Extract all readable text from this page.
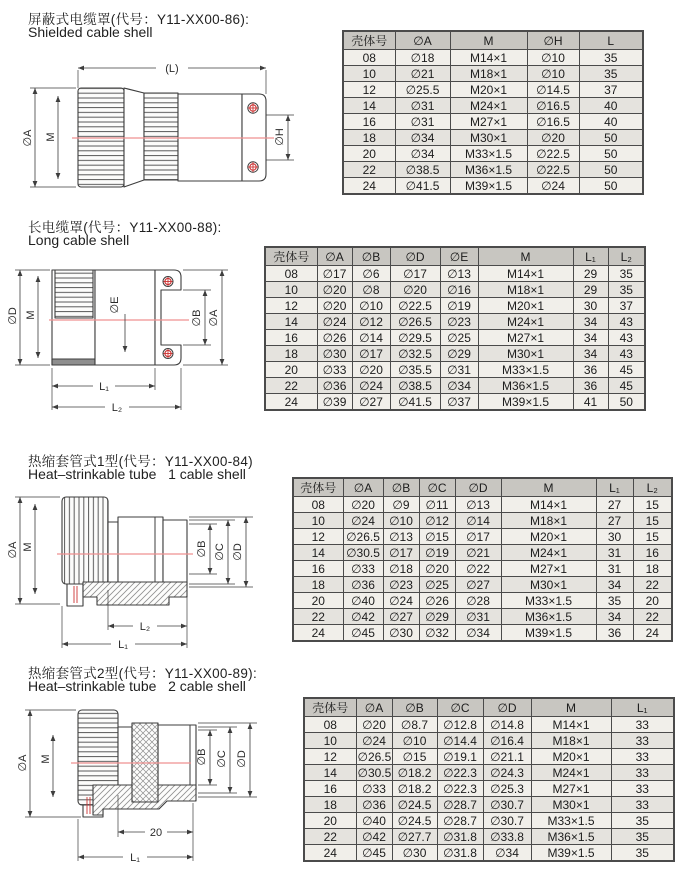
屏蔽式电缆罩(代号：Y11-XX00-86):
Shielded cable shell
(L)
∅A M	∅H
壳体号	∅A	M	∅H	L
08	∅18	M14×1	∅10	35
10	∅21	M18×1	∅10	35
12	∅25.5	M20×1	∅14.5	37
14	∅31	M24×1	∅16.5	40
16	∅31	M27×1	∅16.5	40
18	∅34	M30×1	∅20	50
20	∅34	M33×1.5	∅22.5	50
22	∅38.5	M36×1.5	∅22.5	50
24	∅41.5	M39×1.5	∅24	50
长电缆罩(代号：Y11-XX00-88):
Long cable shell
∅D M
∅E
∅B ∅A
L₁
L₂
壳体号	∅A	∅B	∅D	∅E	M	L₁	L₂
08	∅17	∅6	∅17	∅13	M14×1	29	35
10	∅20	∅8	∅20	∅16	M18×1	29	35
12	∅20	∅10	∅22.5	∅19	M20×1	30	37
14	∅24	∅12	∅26.5	∅23	M24×1	34	43
16	∅26	∅14	∅29.5	∅25	M27×1	34	43
18	∅30	∅17	∅32.5	∅29	M30×1	34	43
20	∅33	∅20	∅35.5	∅31	M33×1.5	36	45
22	∅36	∅24	∅38.5	∅34	M36×1.5	36	45
24	∅39	∅27	∅41.5	∅37	M39×1.5	41	50
热缩套管式1型(代号：Y11-XX00-84)
Heat–strinkable tube   1 cable shell
∅A M	∅B ∅C ∅D
L₂
L₁
壳体号	∅A	∅B	∅C	∅D	M	L₁	L₂
08	∅20	∅9	∅11	∅13	M14×1	27	15
10	∅24	∅10	∅12	∅14	M18×1	27	15
12	∅26.5	∅13	∅15	∅17	M20×1	30	15
14	∅30.5	∅17	∅19	∅21	M24×1	31	16
16	∅33	∅18	∅20	∅22	M27×1	31	18
18	∅36	∅23	∅25	∅27	M30×1	34	22
20	∅40	∅24	∅26	∅28	M33×1.5	35	20
22	∅42	∅27	∅29	∅31	M36×1.5	34	22
24	∅45	∅30	∅32	∅34	M39×1.5	36	24
热缩套管式2型(代号：Y11-XX00-89):
Heat–strinkable tube   2 cable shell
∅A M	∅B ∅C ∅D
20
L₁
壳体号	∅A	∅B	∅C	∅D	M	L₁
08	∅20	∅8.7	∅12.8	∅14.8	M14×1	33
10	∅24	∅10	∅14.4	∅16.4	M18×1	33
12	∅26.5	∅15	∅19.1	∅21.1	M20×1	33
14	∅30.5	∅18.2	∅22.3	∅24.3	M24×1	33
16	∅33	∅18.2	∅22.3	∅25.3	M27×1	33
18	∅36	∅24.5	∅28.7	∅30.7	M30×1	33
20	∅40	∅24.5	∅28.7	∅30.7	M33×1.5	35
22	∅42	∅27.7	∅31.8	∅33.8	M36×1.5	35
24	∅45	∅30	∅31.8	∅34	M39×1.5	35
